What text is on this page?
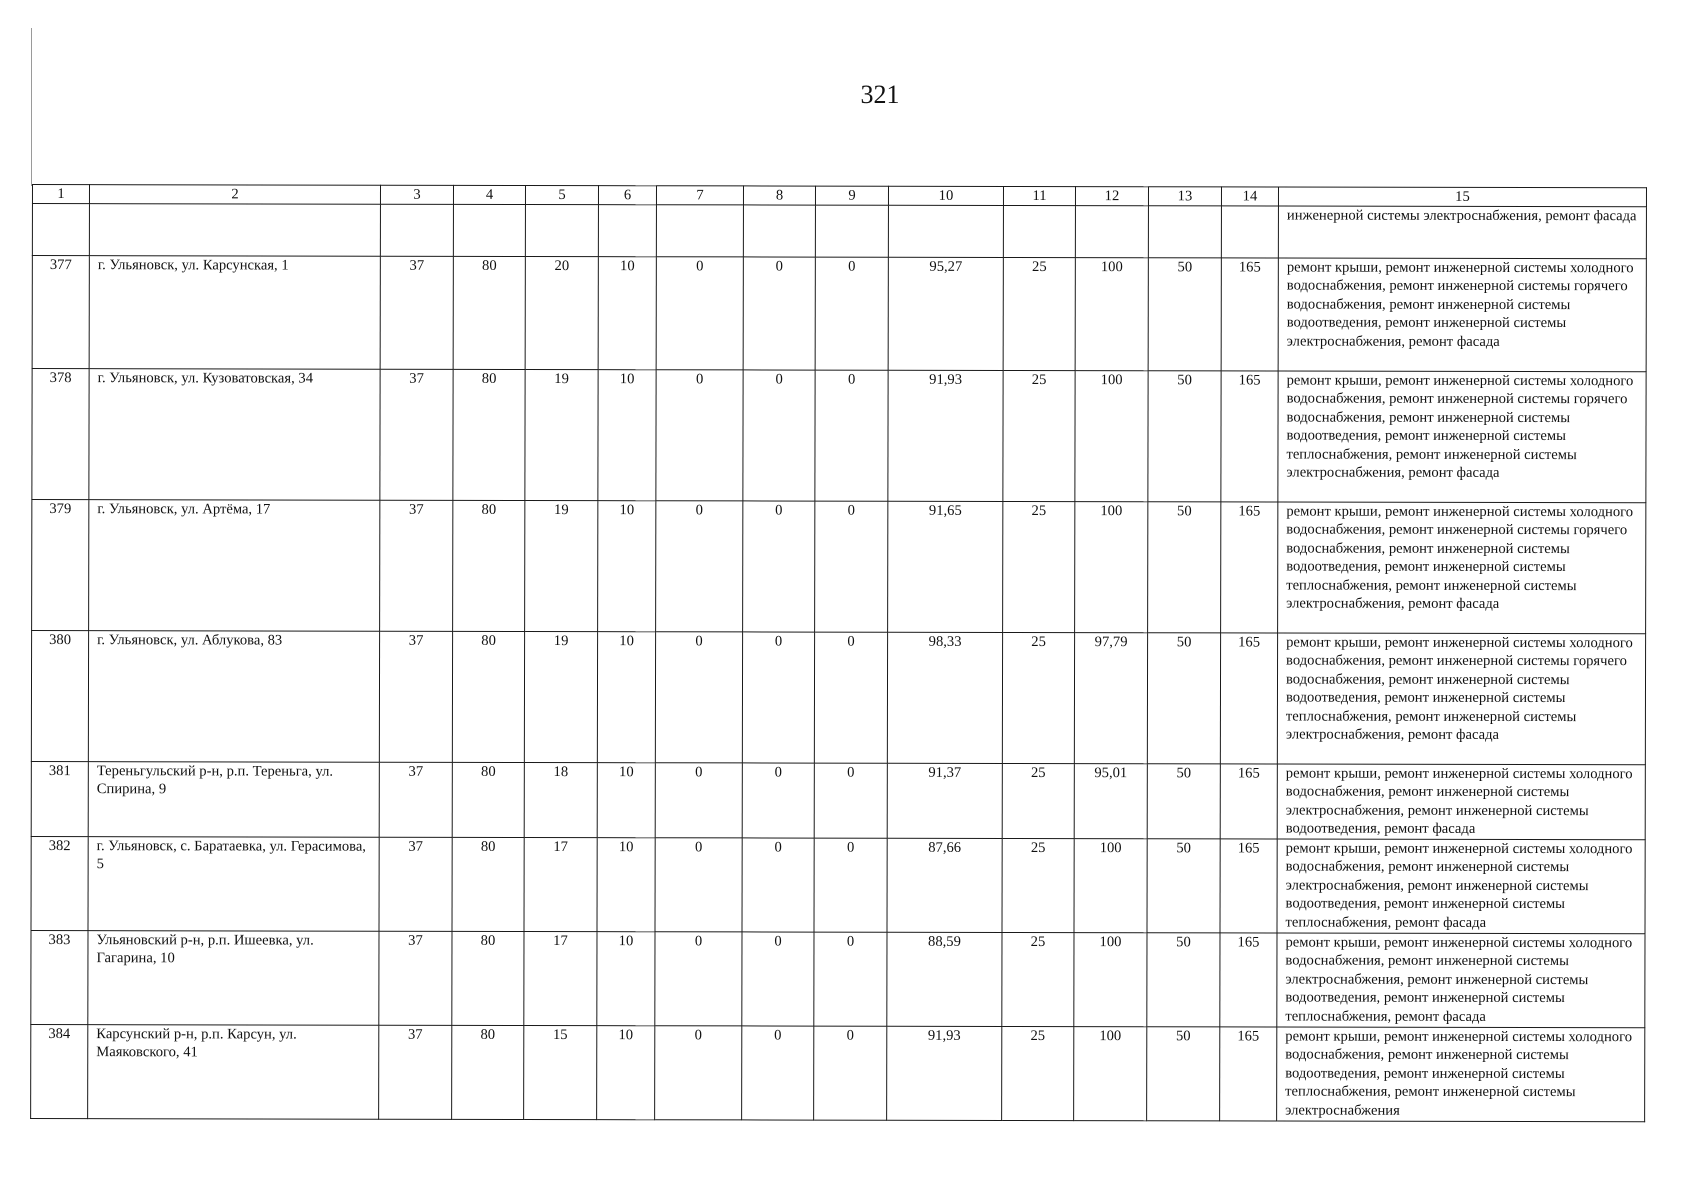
321
1	2	3	4	5	6	7	8	9	10	11	12	13	14	15
														инженерной системы электроснабжения, ремонт фасада
377	г. Ульяновск, ул. Карсунская, 1	37	80	20	10	0	0	0	95,27	25	100	50	165	ремонт крыши, ремонт инженерной системы холодного водоснабжения, ремонт инженерной системы горячего водоснабжения, ремонт инженерной системы водоотведения, ремонт инженерной системы электроснабжения, ремонт фасада
378	г. Ульяновск, ул. Кузоватовская, 34	37	80	19	10	0	0	0	91,93	25	100	50	165	ремонт крыши, ремонт инженерной системы холодного водоснабжения, ремонт инженерной системы горячего водоснабжения, ремонт инженерной системы водоотведения, ремонт инженерной системы теплоснабжения, ремонт инженерной системы электроснабжения, ремонт фасада
379	г. Ульяновск, ул. Артёма, 17	37	80	19	10	0	0	0	91,65	25	100	50	165	ремонт крыши, ремонт инженерной системы холодного водоснабжения, ремонт инженерной системы горячего водоснабжения, ремонт инженерной системы водоотведения, ремонт инженерной системы теплоснабжения, ремонт инженерной системы электроснабжения, ремонт фасада
380	г. Ульяновск, ул. Аблукова, 83	37	80	19	10	0	0	0	98,33	25	97,79	50	165	ремонт крыши, ремонт инженерной системы холодного водоснабжения, ремонт инженерной системы горячего водоснабжения, ремонт инженерной системы водоотведения, ремонт инженерной системы теплоснабжения, ремонт инженерной системы электроснабжения, ремонт фасада
381	Тереньгульский р-н, р.п. Тереньга, ул. Спирина, 9	37	80	18	10	0	0	0	91,37	25	95,01	50	165	ремонт крыши, ремонт инженерной системы холодного водоснабжения, ремонт инженерной системы электроснабжения, ремонт инженерной системы водоотведения, ремонт фасада
382	г. Ульяновск, с. Баратаевка, ул. Герасимова, 5	37	80	17	10	0	0	0	87,66	25	100	50	165	ремонт крыши, ремонт инженерной системы холодного водоснабжения, ремонт инженерной системы электроснабжения, ремонт инженерной системы водоотведения, ремонт инженерной системы теплоснабжения, ремонт фасада
383	Ульяновский р-н, р.п. Ишеевка, ул. Гагарина, 10	37	80	17	10	0	0	0	88,59	25	100	50	165	ремонт крыши, ремонт инженерной системы холодного водоснабжения, ремонт инженерной системы электроснабжения, ремонт инженерной системы водоотведения, ремонт инженерной системы теплоснабжения, ремонт фасада
384	Карсунский р-н, р.п. Карсун, ул. Маяковского, 41	37	80	15	10	0	0	0	91,93	25	100	50	165	ремонт крыши, ремонт инженерной системы холодного водоснабжения, ремонт инженерной системы водоотведения, ремонт инженерной системы теплоснабжения, ремонт инженерной системы электроснабжения
